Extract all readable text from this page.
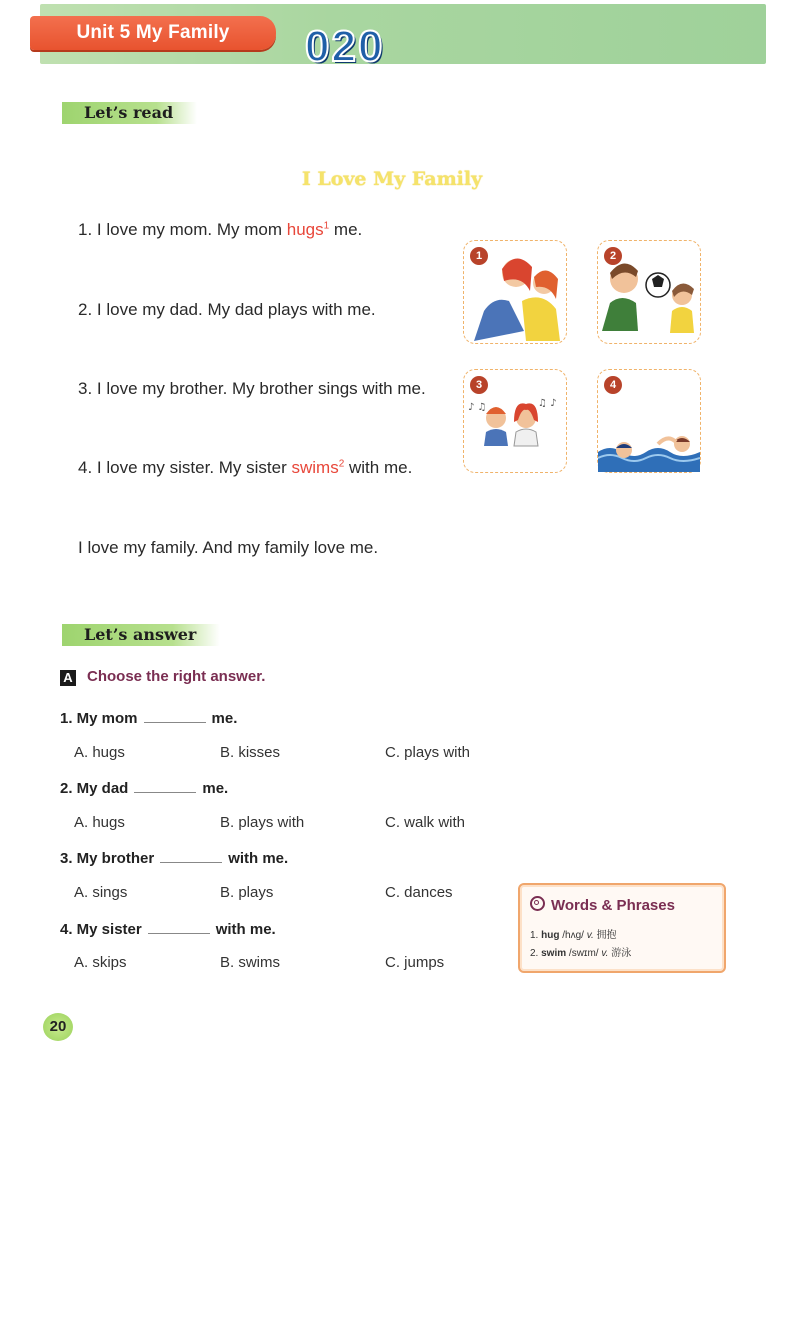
Unit 5 My Family	020
Let’s read
I Love My Family
1. I love my mom. My mom hugs$^1$ me.
2. I love my dad. My dad plays with me.
3. I love my brother. My brother sings with me.
4. I love my sister. My sister swims$^2$ with me.
I love my family. And my family love me.
1	2
♪ ♫	♫ ♪
3	4
Let’s answer
A Choose the right answer.
1. My mom	me.
A. hugs	B. kisses	C. plays with
2. My dad	me.
A. hugs	B. plays with	C. walk with
3. My brother	with me.
A. sings	B. plays	C. dances
4. My sister	with me.
A. skips	B. swims	C. jumps
Words & Phrases
1. hug /hʌg/ v. 拥抱
2. swim /swɪm/ v. 游泳
20
